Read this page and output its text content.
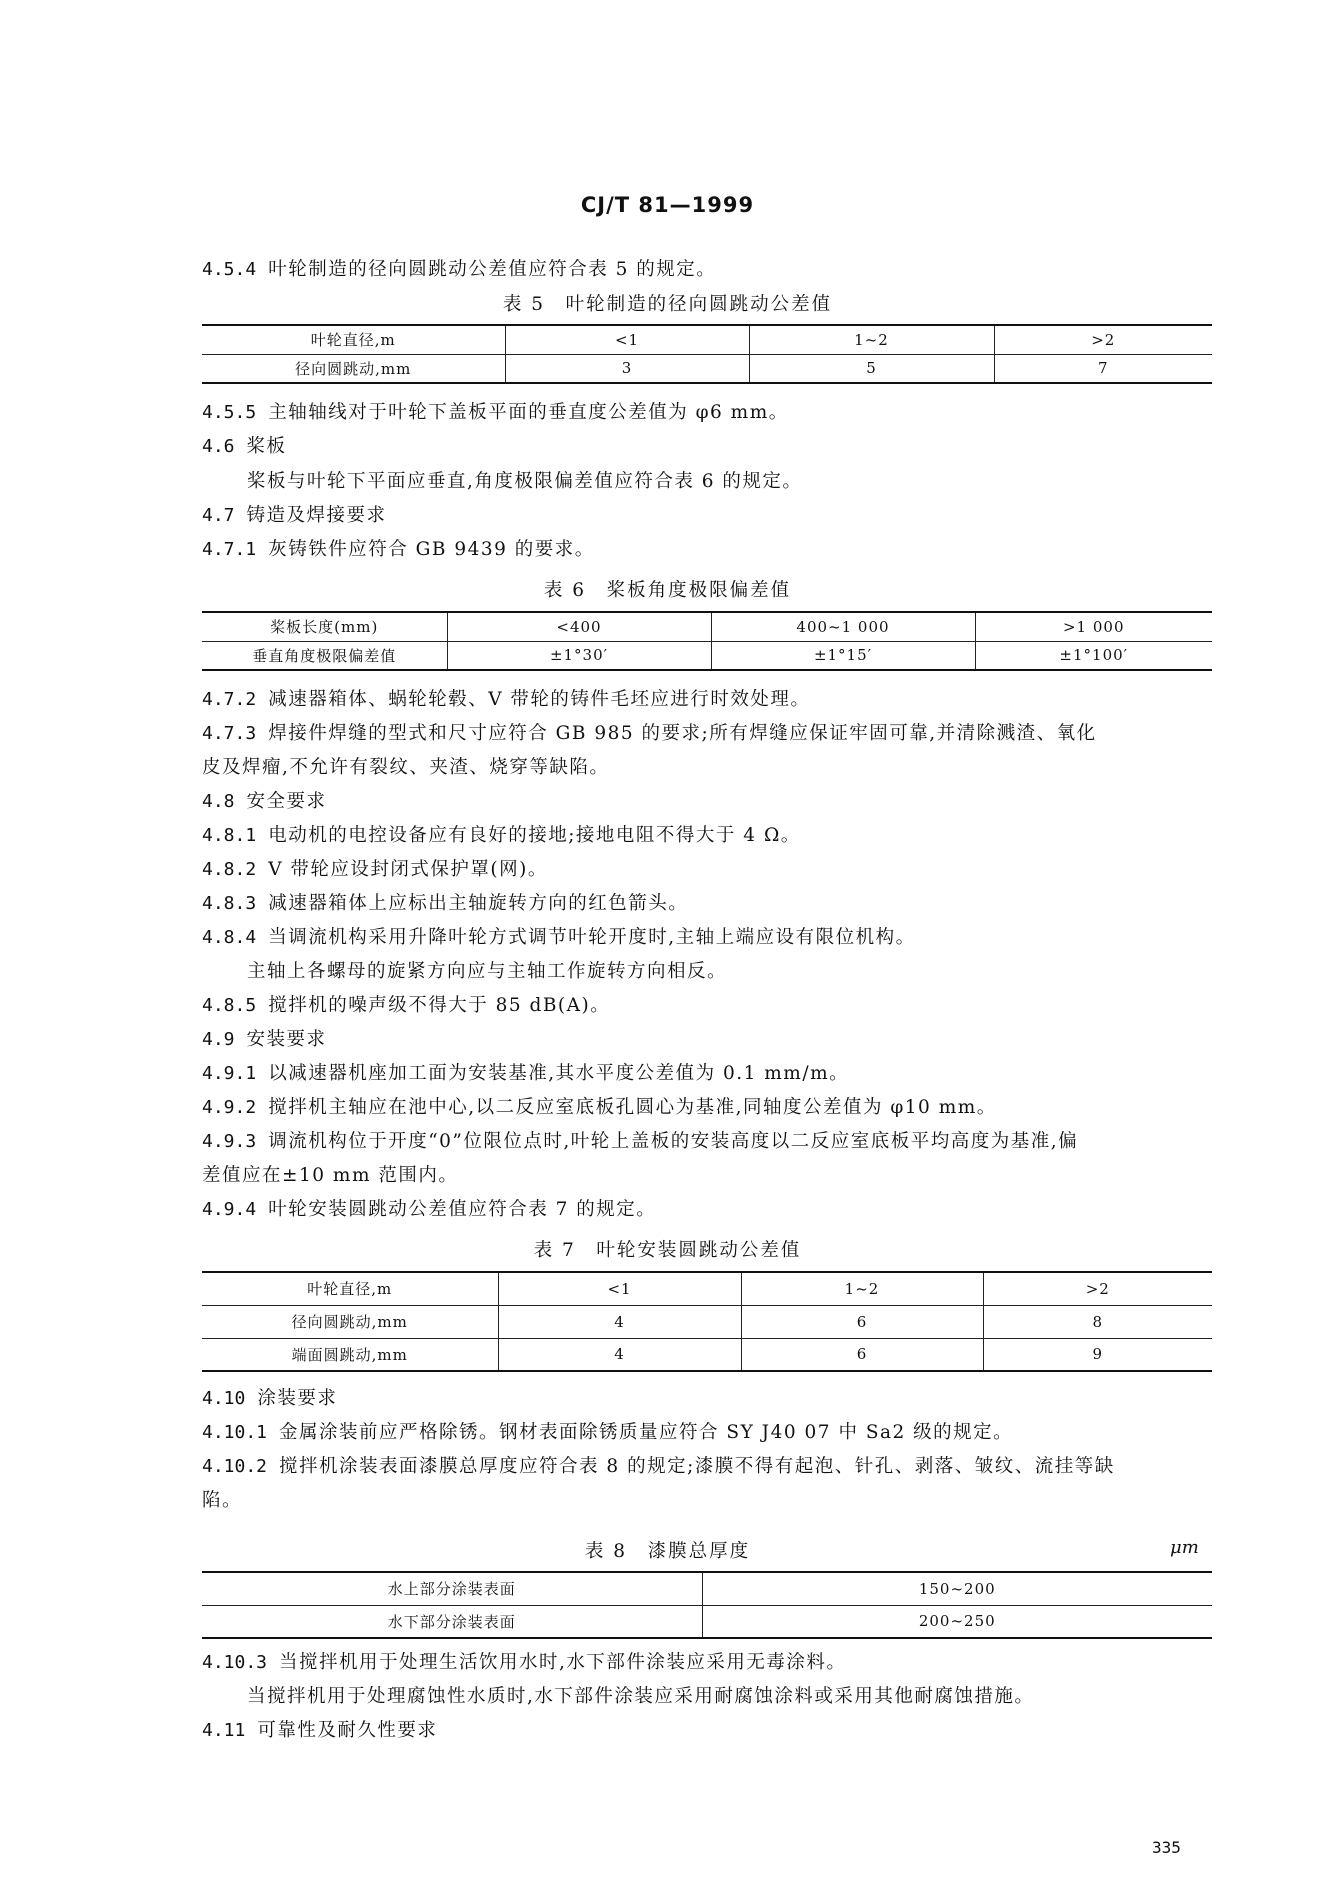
CJ/T 81—1999
4.5.4 叶轮制造的径向圆跳动公差值应符合表 5 的规定。
表 5　叶轮制造的径向圆跳动公差值
叶轮直径,m	<1	1~2	>2
径向圆跳动,mm	3	5	7
4.5.5 主轴轴线对于叶轮下盖板平面的垂直度公差值为 φ6 mm。
4.6 桨板
桨板与叶轮下平面应垂直,角度极限偏差值应符合表 6 的规定。
4.7 铸造及焊接要求
4.7.1 灰铸铁件应符合 GB 9439 的要求。
表 6　桨板角度极限偏差值
桨板长度(mm)	<400	400~1 000	>1 000
垂直角度极限偏差值	±1°30′	±1°15′	±1°100′
4.7.2 减速器箱体、蜗轮轮毂、V 带轮的铸件毛坯应进行时效处理。
4.7.3 焊接件焊缝的型式和尺寸应符合 GB 985 的要求;所有焊缝应保证牢固可靠,并清除溅渣、氧化
皮及焊瘤,不允许有裂纹、夹渣、烧穿等缺陷。
4.8 安全要求
4.8.1 电动机的电控设备应有良好的接地;接地电阻不得大于 4 Ω。
4.8.2 V 带轮应设封闭式保护罩(网)。
4.8.3 减速器箱体上应标出主轴旋转方向的红色箭头。
4.8.4 当调流机构采用升降叶轮方式调节叶轮开度时,主轴上端应设有限位机构。
主轴上各螺母的旋紧方向应与主轴工作旋转方向相反。
4.8.5 搅拌机的噪声级不得大于 85 dB(A)。
4.9 安装要求
4.9.1 以减速器机座加工面为安装基准,其水平度公差值为 0.1 mm/m。
4.9.2 搅拌机主轴应在池中心,以二反应室底板孔圆心为基准,同轴度公差值为 φ10 mm。
4.9.3 调流机构位于开度“0”位限位点时,叶轮上盖板的安装高度以二反应室底板平均高度为基准,偏
差值应在±10 mm 范围内。
4.9.4 叶轮安装圆跳动公差值应符合表 7 的规定。
表 7　叶轮安装圆跳动公差值
叶轮直径,m	<1	1~2	>2
径向圆跳动,mm	4	6	8
端面圆跳动,mm	4	6	9
4.10 涂装要求
4.10.1 金属涂装前应严格除锈。钢材表面除锈质量应符合 SY J40 07 中 Sa2 级的规定。
4.10.2 搅拌机涂装表面漆膜总厚度应符合表 8 的规定;漆膜不得有起泡、针孔、剥落、皱纹、流挂等缺
陷。
表 8　漆膜总厚度	μm
水上部分涂装表面	150~200
水下部分涂装表面	200~250
4.10.3 当搅拌机用于处理生活饮用水时,水下部件涂装应采用无毒涂料。
当搅拌机用于处理腐蚀性水质时,水下部件涂装应采用耐腐蚀涂料或采用其他耐腐蚀措施。
4.11 可靠性及耐久性要求
335
